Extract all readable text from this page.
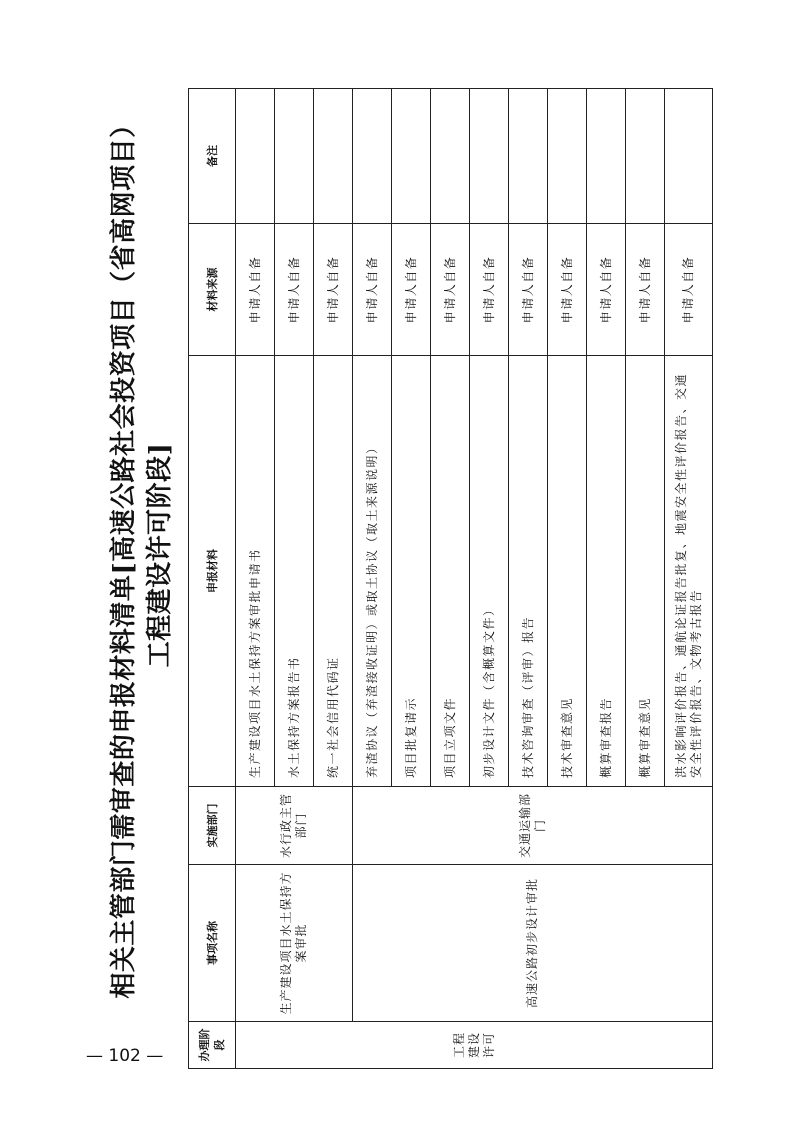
相关主管部门需审查的申报材料清单[高速公路社会投资项目（省高网项目） 工程建设许可阶段]
办理阶段	事项名称	实施部门	申报材料	材料来源	备注
工程建设许可	生产建设项目水土保持方案审批	水行政主管部门	生产建设项目水土保持方案审批申请书	申请人自备	
			水土保持方案报告书	申请人自备	
			统一社会信用代码证	申请人自备	
	高速公路初步设计审批	交通运输部门	弃渣协议（弃渣接收证明）或取土协议（取土来源说明）	申请人自备	
			项目批复请示	申请人自备	
			项目立项文件	申请人自备	
			初步设计文件（含概算文件）	申请人自备	
			技术咨询审查（评审）报告	申请人自备	
			技术审查意见	申请人自备	
			概算审查报告	申请人自备	
			概算审查意见	申请人自备	
			洪水影响评价报告、通航论证报告批复、地震安全性评价报告、交通安全性评价报告、文物考古报告	申请人自备	
— 102 —
